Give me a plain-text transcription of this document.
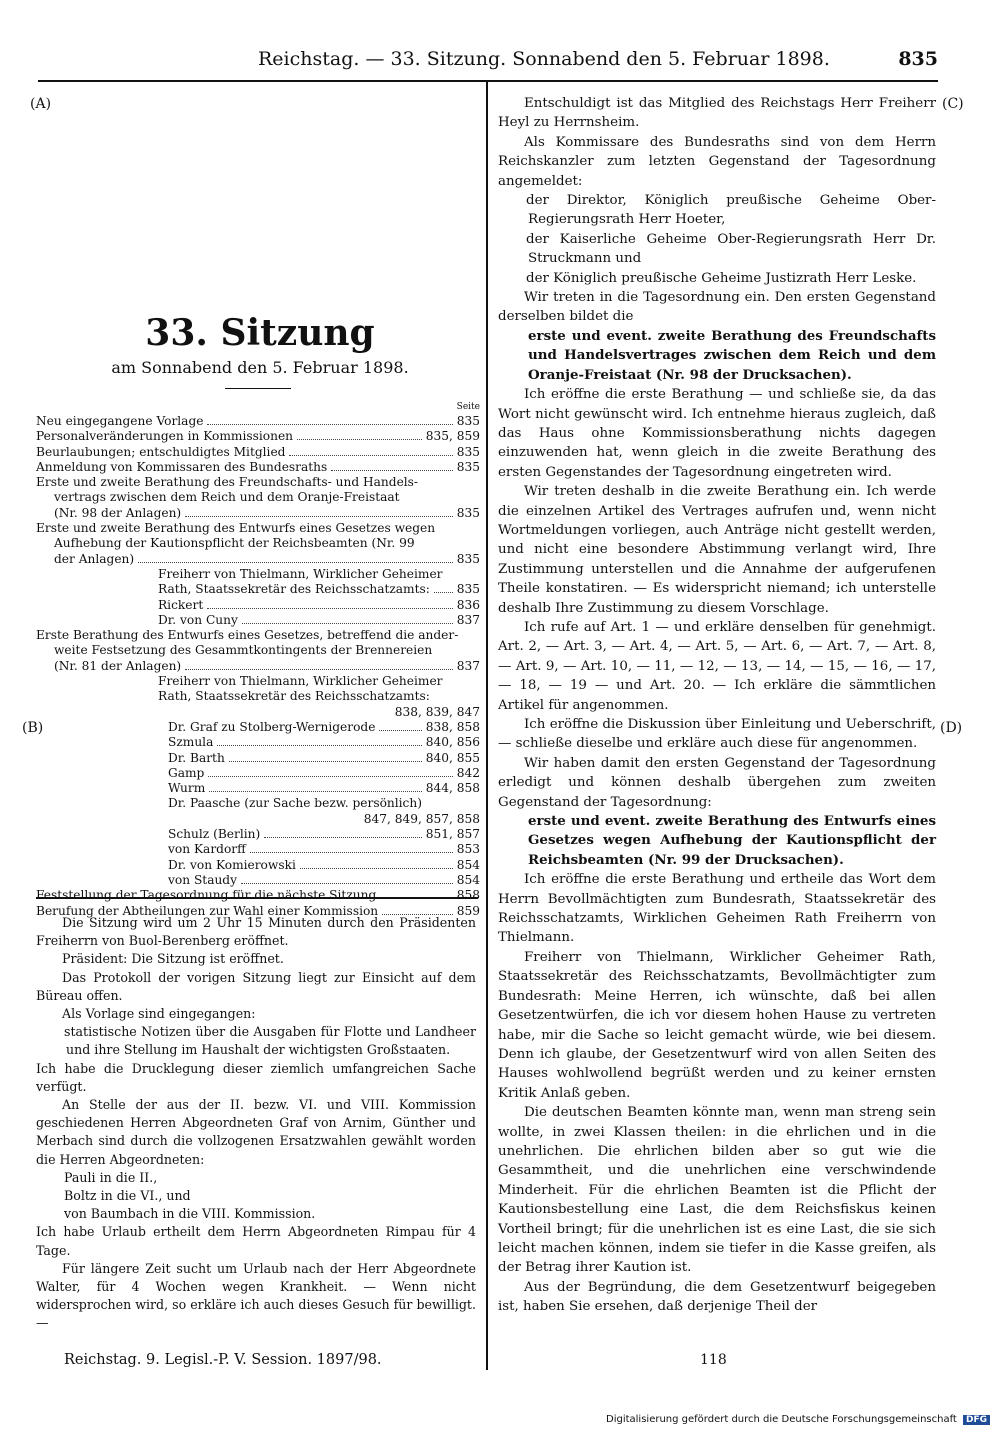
Reichstag. — 33. Sitzung. Sonnabend den 5. Februar 1898.	835
(A)
(B)
(C)
(D)
33. Sitzung
am Sonnabend den 5. Februar 1898.
Seite
Neu eingegangene Vorlage	835
Personalveränderungen in Kommissionen	835, 859
Beurlaubungen; entschuldigtes Mitglied	835
Anmeldung von Kommissaren des Bundesraths	835
Erste und zweite Berathung des Freundschafts- und Handels-
vertrags zwischen dem Reich und dem Oranje-Freistaat
(Nr. 98 der Anlagen)	835
Erste und zweite Berathung des Entwurfs eines Gesetzes wegen
Aufhebung der Kautionspflicht der Reichsbeamten (Nr. 99
der Anlagen)	835
Freiherr von Thielmann, Wirklicher Geheimer
Rath, Staatssekretär des Reichsschatzamts: 835
Rickert	836
Dr. von Cuny	837
Erste Berathung des Entwurfs eines Gesetzes, betreffend die ander-
weite Festsetzung des Gesammtkontingents der Brennereien
(Nr. 81 der Anlagen)	837
Freiherr von Thielmann, Wirklicher Geheimer
Rath, Staatssekretär des Reichsschatzamts:
838, 839, 847
Dr. Graf zu Stolberg-Wernigerode	838, 858
Szmula	840, 856
Dr. Barth	840, 855
Gamp	842
Wurm	844, 858
Dr. Paasche (zur Sache bezw. persönlich)
847, 849, 857, 858
Schulz (Berlin)	851, 857
von Kardorff	853
Dr. von Komierowski	854
von Staudy	854
Feststellung der Tagesordnung für die nächste Sitzung	858
Berufung der Abtheilungen zur Wahl einer Kommission	859

Die Sitzung wird um 2 Uhr 15 Minuten durch den Präsidenten Freiherrn von Buol-Berenberg eröffnet.

Präsident: Die Sitzung ist eröffnet.

Das Protokoll der vorigen Sitzung liegt zur Einsicht auf dem Büreau offen.

Als Vorlage sind eingegangen:

statistische Notizen über die Ausgaben für Flotte und Landheer und ihre Stellung im Haushalt der wichtigsten Großstaaten.

Ich habe die Drucklegung dieser ziemlich umfangreichen Sache verfügt.

An Stelle der aus der II. bezw. VI. und VIII. Kommission geschiedenen Herren Abgeordneten Graf von Arnim, Günther und Merbach sind durch die vollzogenen Ersatzwahlen gewählt worden die Herren Abgeordneten:

Pauli in die II.,

Boltz in die VI., und

von Baumbach in die VIII. Kommission.

Ich habe Urlaub ertheilt dem Herrn Abgeordneten Rimpau für 4 Tage.

Für längere Zeit sucht um Urlaub nach der Herr Abgeordnete Walter, für 4 Wochen wegen Krankheit. — Wenn nicht widersprochen wird, so erkläre ich auch dieses Gesuch für bewilligt. —

Entschuldigt ist das Mitglied des Reichstags Herr Freiherr Heyl zu Herrnsheim.

Als Kommissare des Bundesraths sind von dem Herrn Reichskanzler zum letzten Gegenstand der Tagesordnung angemeldet:

der Direktor, Königlich preußische Geheime Ober-Regierungsrath Herr Hoeter,

der Kaiserliche Geheime Ober-Regierungsrath Herr Dr. Struckmann und

der Königlich preußische Geheime Justizrath Herr Leske.

Wir treten in die Tagesordnung ein. Den ersten Gegenstand derselben bildet die

erste und event. zweite Berathung des Freundschafts und Handelsvertrages zwischen dem Reich und dem Oranje-Freistaat (Nr. 98 der Drucksachen).

Ich eröffne die erste Berathung — und schließe sie, da das Wort nicht gewünscht wird. Ich entnehme hieraus zugleich, daß das Haus ohne Kommissionsberathung nichts dagegen einzuwenden hat, wenn gleich in die zweite Berathung des ersten Gegenstandes der Tagesordnung eingetreten wird.

Wir treten deshalb in die zweite Berathung ein. Ich werde die einzelnen Artikel des Vertrages aufrufen und, wenn nicht Wortmeldungen vorliegen, auch Anträge nicht gestellt werden, und nicht eine besondere Abstimmung verlangt wird, Ihre Zustimmung unterstellen und die Annahme der aufgerufenen Theile konstatiren. — Es widerspricht niemand; ich unterstelle deshalb Ihre Zustimmung zu diesem Vorschlage.

Ich rufe auf Art. 1 — und erkläre denselben für genehmigt. Art. 2, — Art. 3, — Art. 4, — Art. 5, — Art. 6, — Art. 7, — Art. 8, — Art. 9, — Art. 10, — 11, — 12, — 13, — 14, — 15, — 16, — 17, — 18, — 19 — und Art. 20. — Ich erkläre die sämmtlichen Artikel für angenommen.

Ich eröffne die Diskussion über Einleitung und Ueberschrift, — schließe dieselbe und erkläre auch diese für angenommen.

Wir haben damit den ersten Gegenstand der Tagesordnung erledigt und können deshalb übergehen zum zweiten Gegenstand der Tagesordnung:

erste und event. zweite Berathung des Entwurfs eines Gesetzes wegen Aufhebung der Kautionspflicht der Reichsbeamten (Nr. 99 der Drucksachen).

Ich eröffne die erste Berathung und ertheile das Wort dem Herrn Bevollmächtigten zum Bundesrath, Staatssekretär des Reichsschatzamts, Wirklichen Geheimen Rath Freiherrn von Thielmann.

Freiherr von Thielmann, Wirklicher Geheimer Rath, Staatssekretär des Reichsschatzamts, Bevollmächtigter zum Bundesrath: Meine Herren, ich wünschte, daß bei allen Gesetzentwürfen, die ich vor diesem hohen Hause zu vertreten habe, mir die Sache so leicht gemacht würde, wie bei diesem. Denn ich glaube, der Gesetzentwurf wird von allen Seiten des Hauses wohlwollend begrüßt werden und zu keiner ernsten Kritik Anlaß geben.

Die deutschen Beamten könnte man, wenn man streng sein wollte, in zwei Klassen theilen: in die ehrlichen und in die unehrlichen. Die ehrlichen bilden aber so gut wie die Gesammtheit, und die unehrlichen eine verschwindende Minderheit. Für die ehrlichen Beamten ist die Pflicht der Kautionsbestellung eine Last, die dem Reichsfiskus keinen Vortheil bringt; für die unehrlichen ist es eine Last, die sie sich leicht machen können, indem sie tiefer in die Kasse greifen, als der Betrag ihrer Kaution ist.

Aus der Begründung, die dem Gesetzentwurf beigegeben ist, haben Sie ersehen, daß derjenige Theil der

Reichstag. 9. Legisl.-P. V. Session. 1897/98.	118
Digitalisierung gefördert durch die Deutsche Forschungsgemeinschaft DFG
